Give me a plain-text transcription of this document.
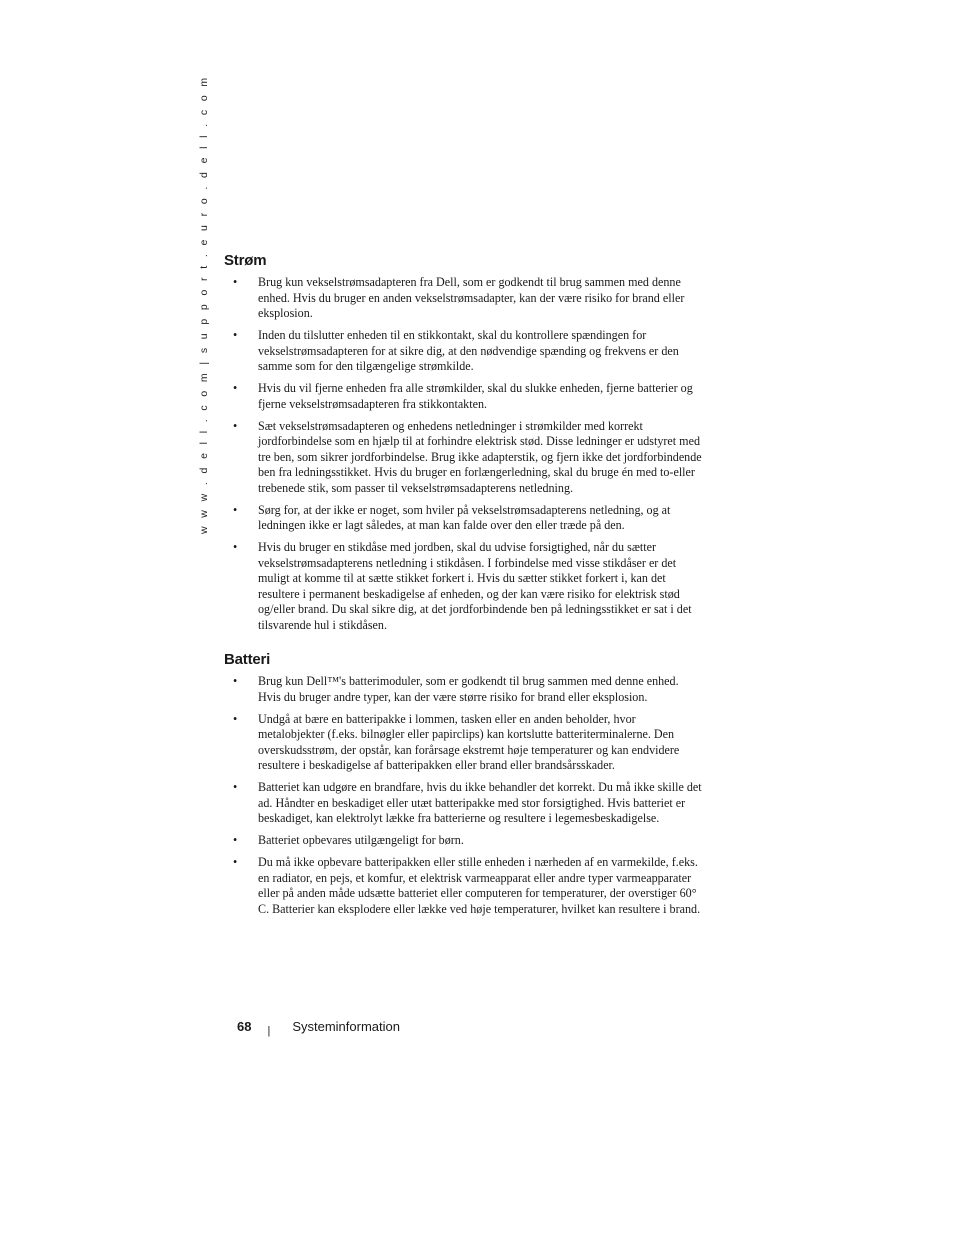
w w w . d e l l . c o m | s u p p o r t . e u r o . d e l l . c o m Strøm
• Brug kun vekselstrømsadapteren fra Dell, som er godkendt til brug sammen med denne enhed. Hvis du bruger en anden vekselstrømsadapter, kan der være risiko for brand eller eksplosion.
• Inden du tilslutter enheden til en stikkontakt, skal du kontrollere spændingen for vekselstrømsadapteren for at sikre dig, at den nødvendige spænding og frekvens er den samme som for den tilgængelige strømkilde.
• Hvis du vil fjerne enheden fra alle strømkilder, skal du slukke enheden, fjerne batterier og fjerne vekselstrømsadapteren fra stikkontakten.
• Sæt vekselstrømsadapteren og enhedens netledninger i strømkilder med korrekt jordforbindelse som en hjælp til at forhindre elektrisk stød. Disse ledninger er udstyret med tre ben, som sikrer jordforbindelse. Brug ikke adapterstik, og fjern ikke det jordforbindende ben fra ledningsstikket. Hvis du bruger en forlængerledning, skal du bruge én med to-eller trebenede stik, som passer til vekselstrømsadapterens netledning.
• Sørg for, at der ikke er noget, som hviler på vekselstrømsadapterens netledning, og at ledningen ikke er lagt således, at man kan falde over den eller træde på den.
• Hvis du bruger en stikdåse med jordben, skal du udvise forsigtighed, når du sætter vekselstrømsadapterens netledning i stikdåsen. I forbindelse med visse stikdåser er det muligt at komme til at sætte stikket forkert i. Hvis du sætter stikket forkert i, kan det resultere i permanent beskadigelse af enheden, og der kan være risiko for elektrisk stød og/eller brand. Du skal sikre dig, at det jordforbindende ben på ledningsstikket er sat i det tilsvarende hul i stikdåsen.
Batteri
• Brug kun Dell™'s batterimoduler, som er godkendt til brug sammen med denne enhed. Hvis du bruger andre typer, kan der være større risiko for brand eller eksplosion.
• Undgå at bære en batteripakke i lommen, tasken eller en anden beholder, hvor metalobjekter (f.eks. bilnøgler eller papirclips) kan kortslutte batteriterminalerne. Den overskudsstrøm, der opstår, kan forårsage ekstremt høje temperaturer og kan endvidere resultere i beskadigelse af batteripakken eller brand eller brandsårsskader.
• Batteriet kan udgøre en brandfare, hvis du ikke behandler det korrekt. Du må ikke skille det ad. Håndter en beskadiget eller utæt batteripakke med stor forsigtighed. Hvis batteriet er beskadiget, kan elektrolyt lække fra batterierne og resultere i legemesbeskadigelse.
• Batteriet opbevares utilgængeligt for børn.
• Du må ikke opbevare batteripakken eller stille enheden i nærheden af en varmekilde, f.eks. en radiator, en pejs, et komfur, et elektrisk varmeapparat eller andre typer varmeapparater eller på anden måde udsætte batteriet eller computeren for temperaturer, der overstiger 60° C. Batterier kan eksplodere eller lække ved høje temperaturer, hvilket kan resultere i brand.
68 | Systeminformation
